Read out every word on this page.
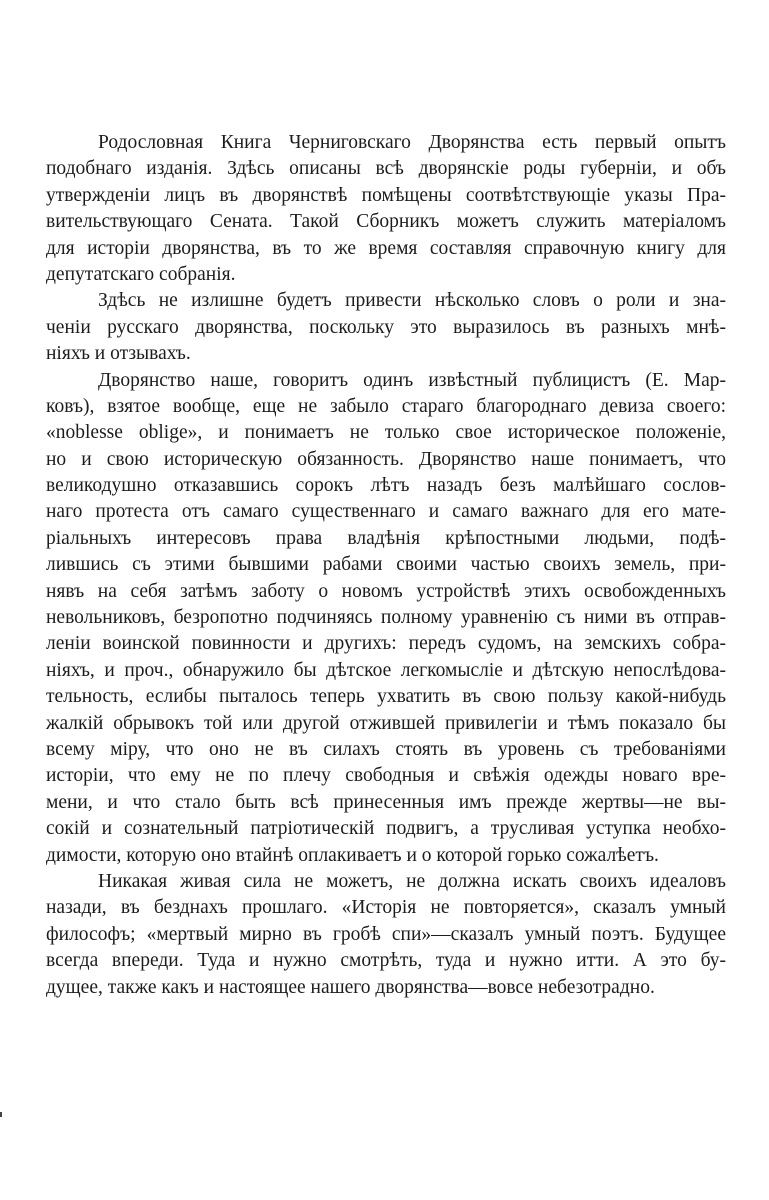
Родословная Книга Черниговскаго Дворянства есть первый опытъ
подобнаго изданія. Здѣсь описаны всѣ дворянскіе роды губерніи, и объ
утвержденіи лицъ въ дворянствѣ помѣщены соотвѣтствующіе указы Пра-
вительствующаго Сената. Такой Сборникъ можетъ служить матеріаломъ
для исторіи дворянства, въ то же время составляя справочную книгу для
депутатскаго собранія.
Здѣсь не излишне будетъ привести нѣсколько словъ о роли и зна-
ченіи русскаго дворянства, поскольку это выразилось въ разныхъ мнѣ-
ніяхъ и отзывахъ.
Дворянство наше, говоритъ одинъ извѣстный публицистъ (Е. Мар-
ковъ), взятое вообще, еще не забыло стараго благороднаго девиза своего:
«noblesse oblige», и понимаетъ не только свое историческое положеніе,
но и свою историческую обязанность. Дворянство наше понимаетъ, что
великодушно отказавшись сорокъ лѣтъ назадъ безъ малѣйшаго сослов-
наго протеста отъ самаго существеннаго и самаго важнаго для его мате-
ріальныхъ интересовъ права владѣнія крѣпостными людьми, подѣ-
лившись съ этими бывшими рабами своими частью своихъ земель, при-
нявъ на себя затѣмъ заботу о новомъ устройствѣ этихъ освобожденныхъ
невольниковъ, безропотно подчиняясь полному уравненію съ ними въ отправ-
леніи воинской повинности и другихъ: передъ судомъ, на земскихъ собра-
ніяхъ, и проч., обнаружило бы дѣтское легкомысліе и дѣтскую непослѣдова-
тельность, еслибы пыталось теперь ухватить въ свою пользу какой-нибудь
жалкій обрывокъ той или другой отжившей привилегіи и тѣмъ показало бы
всему міру, что оно не въ силахъ стоять въ уровень съ требованіями
исторіи, что ему не по плечу свободныя и свѣжія одежды новаго вре-
мени, и что стало быть всѣ принесенныя имъ прежде жертвы—не вы-
сокій и сознательный патріотическій подвигъ, а трусливая уступка необхо-
димости, которую оно втайнѣ оплакиваетъ и о которой горько сожалѣетъ.
Никакая живая сила не можетъ, не должна искать своихъ идеаловъ
назади, въ безднахъ прошлаго. «Исторія не повторяется», сказалъ умный
философъ; «мертвый мирно въ гробѣ спи»—сказалъ умный поэтъ. Будущее
всегда впереди. Туда и нужно смотрѣть, туда и нужно итти. А это бу-
дущее, также какъ и настоящее нашего дворянства—вовсе небезотрадно.
